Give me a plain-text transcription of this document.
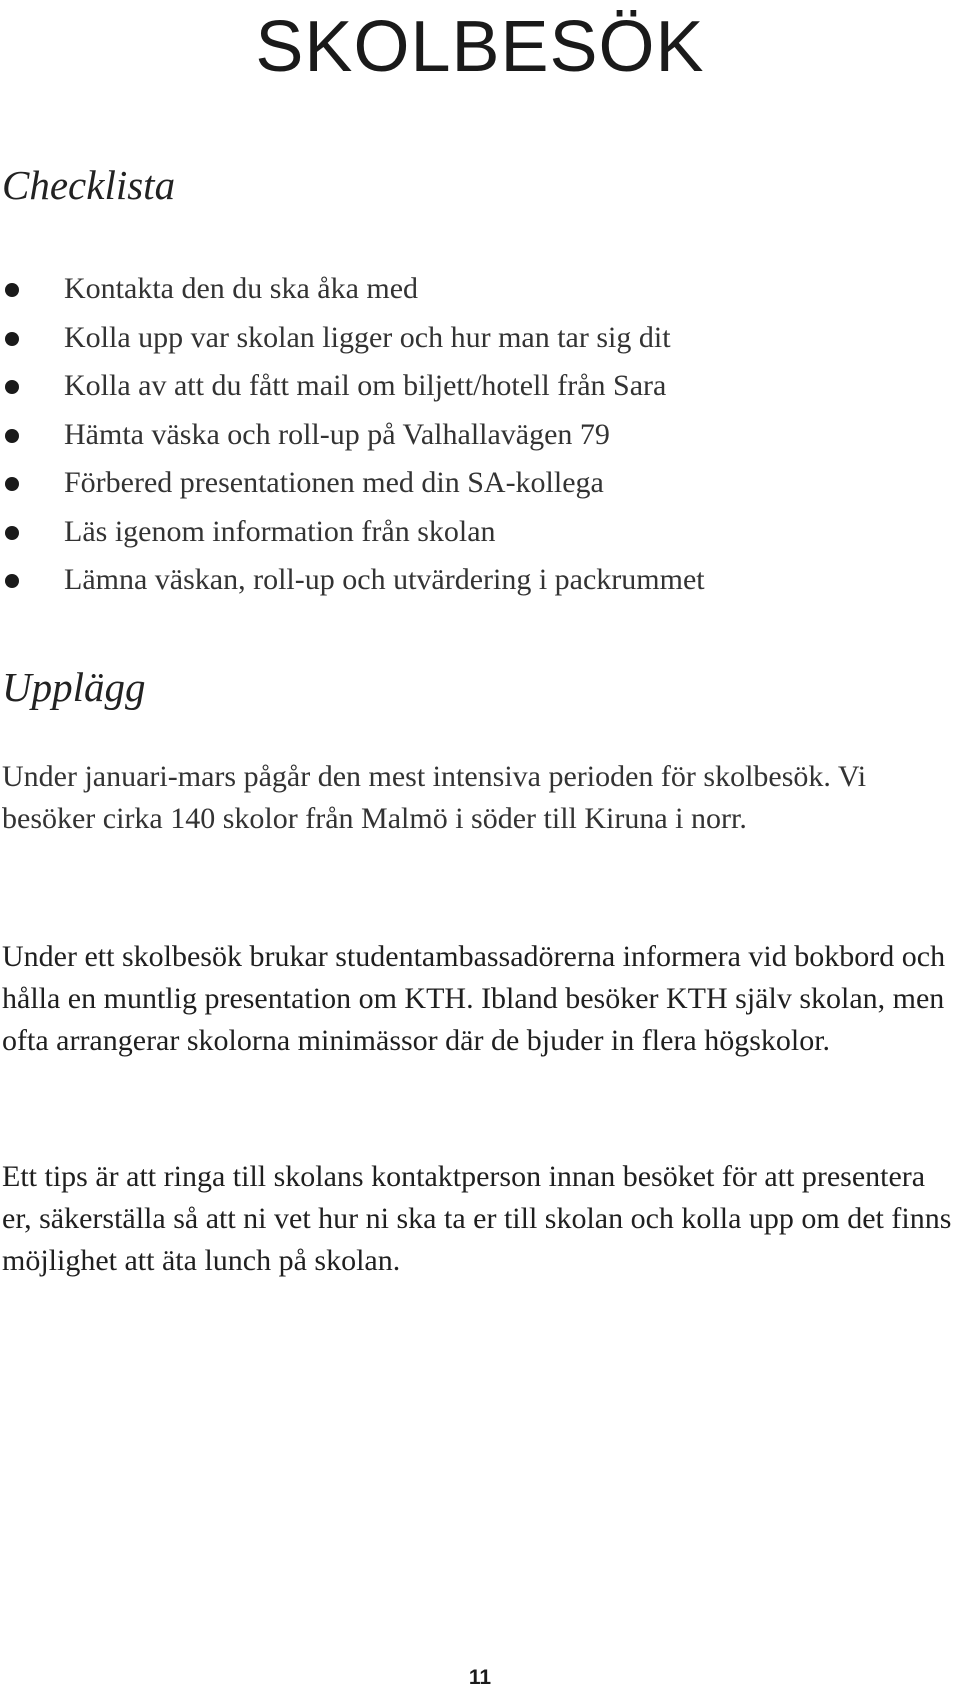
SKOLBESÖK
Checklista
Kontakta den du ska åka med
Kolla upp var skolan ligger och hur man tar sig dit
Kolla av att du fått mail om biljett/hotell från Sara
Hämta väska och roll-up på Valhallavägen 79
Förbered presentationen med din SA-kollega
Läs igenom information från skolan
Lämna väskan, roll-up och utvärdering i packrummet
Upplägg

Under januari-mars pågår den mest intensiva perioden för skolbesök. Vi besöker cirka 140 skolor från Malmö i söder till Kiruna i norr.

Under ett skolbesök brukar studentambassadörerna informera vid bokbord och hålla en muntlig presentation om KTH. Ibland besöker KTH själv skolan, men ofta arrangerar skolorna minimässor där de bjuder in flera högskolor.

Ett tips är att ringa till skolans kontaktperson innan besöket för att presentera er, säkerställa så att ni vet hur ni ska ta er till skolan och kolla upp om det finns möjlighet att äta lunch på skolan.

11
